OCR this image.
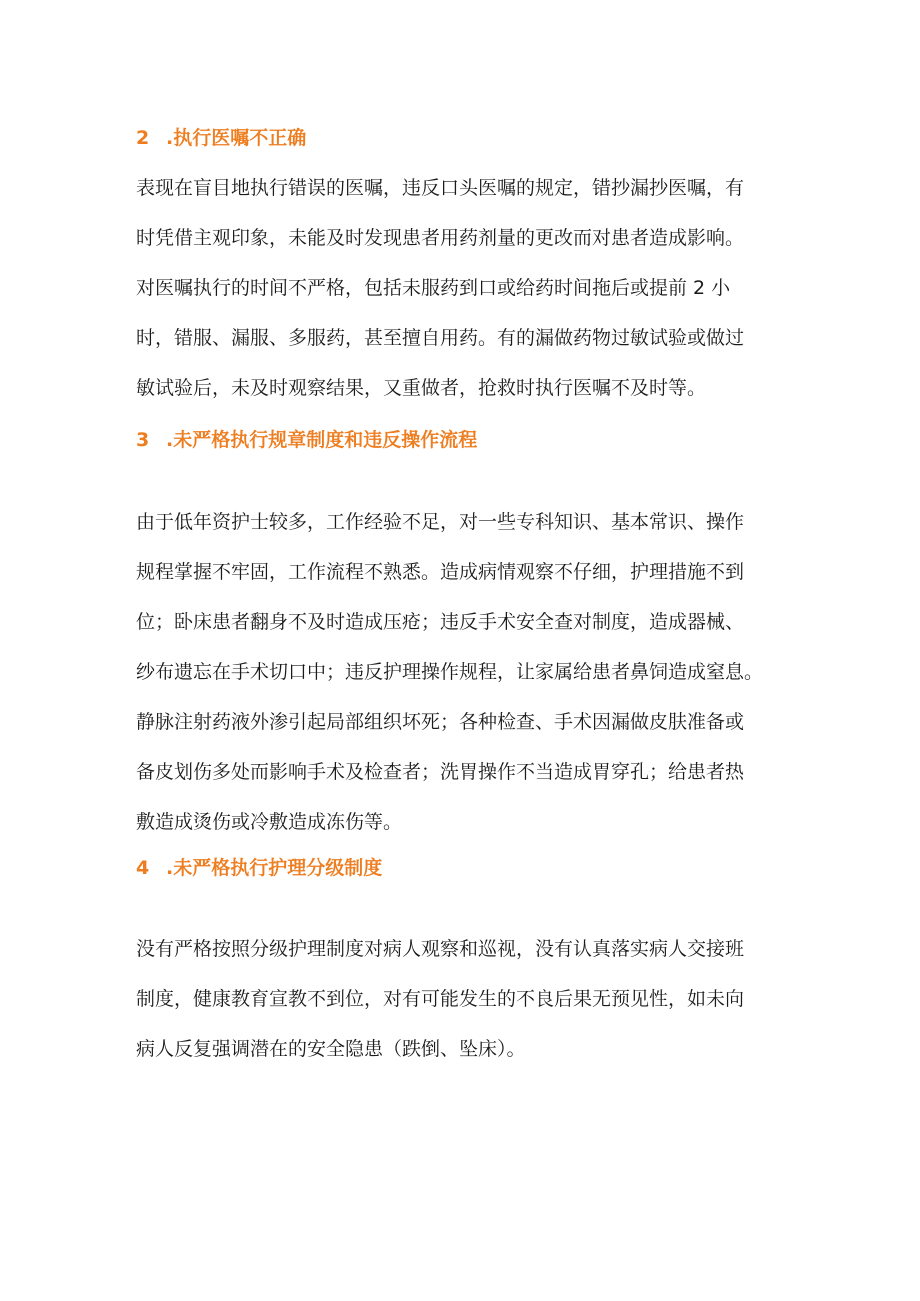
2 .执行医嘱不正确
表现在盲目地执行错误的医嘱，违反口头医嘱的规定，错抄漏抄医嘱，有
时凭借主观印象，未能及时发现患者用药剂量的更改而对患者造成影响。
对医嘱执行的时间不严格，包括未服药到口或给药时间拖后或提前 2 小
时，错服、漏服、多服药，甚至擅自用药。有的漏做药物过敏试验或做过
敏试验后，未及时观察结果，又重做者，抢救时执行医嘱不及时等。
3 .未严格执行规章制度和违反操作流程
由于低年资护士较多，工作经验不足，对一些专科知识、基本常识、操作
规程掌握不牢固，工作流程不熟悉。造成病情观察不仔细，护理措施不到
位；卧床患者翻身不及时造成压疮；违反手术安全查对制度，造成器械、
纱布遗忘在手术切口中；违反护理操作规程，让家属给患者鼻饲造成窒息。
静脉注射药液外渗引起局部组织坏死；各种检查、手术因漏做皮肤准备或
备皮划伤多处而影响手术及检查者；洗胃操作不当造成胃穿孔；给患者热
敷造成烫伤或冷敷造成冻伤等。
4 .未严格执行护理分级制度
没有严格按照分级护理制度对病人观察和巡视，没有认真落实病人交接班
制度，健康教育宣教不到位，对有可能发生的不良后果无预见性，如未向
病人反复强调潜在的安全隐患（跌倒、坠床）。
